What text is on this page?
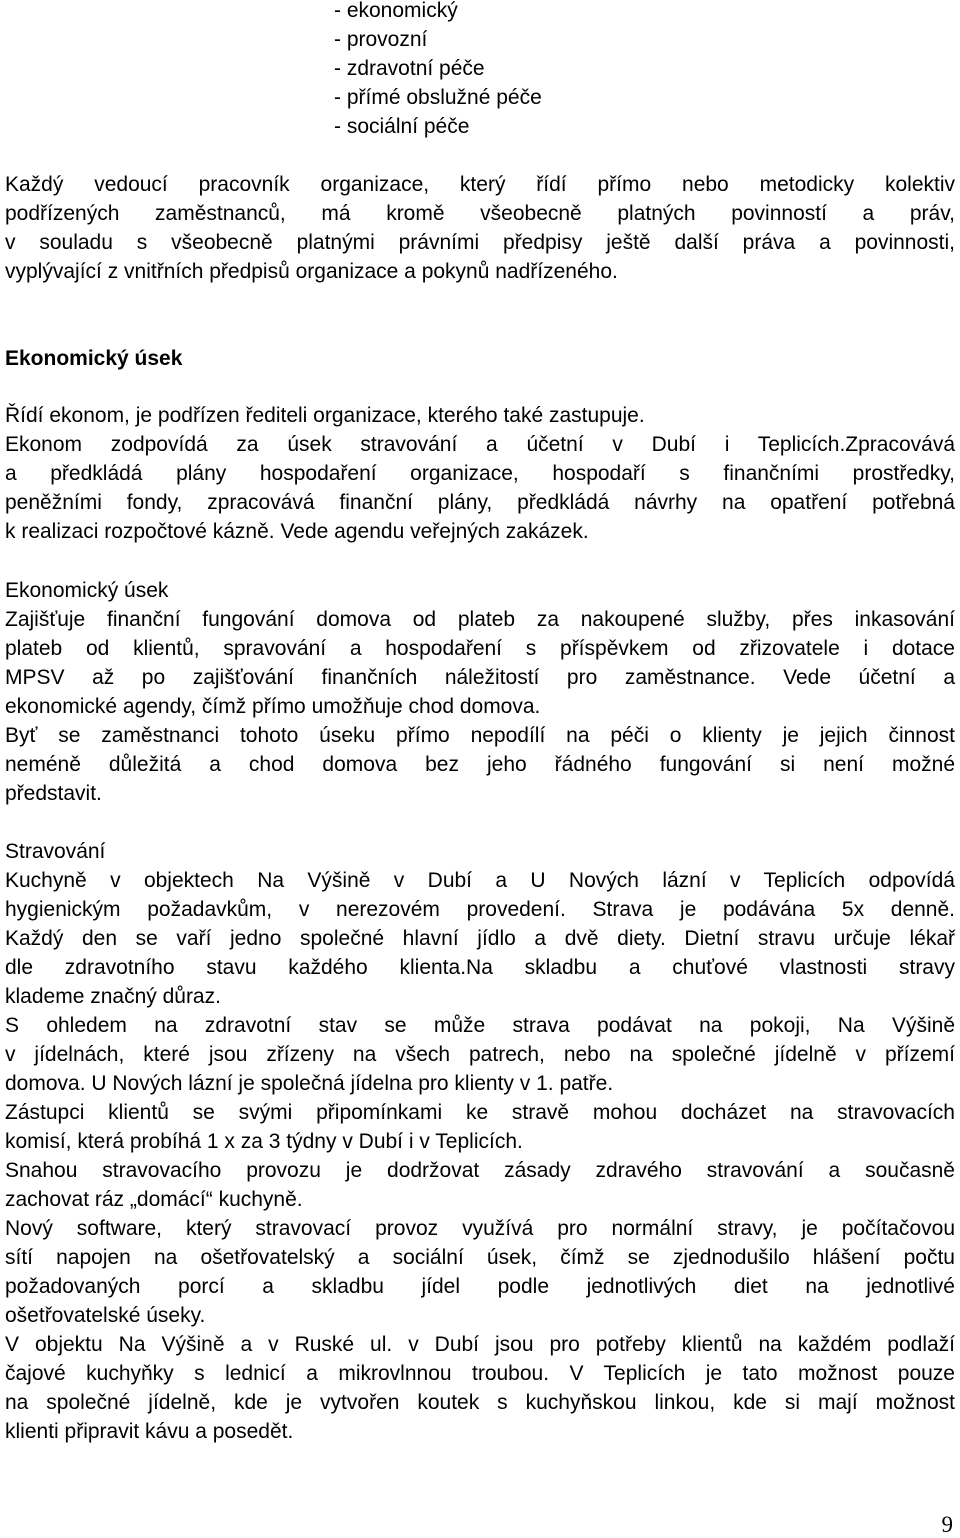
- ekonomický
- provozní
- zdravotní péče
- přímé obslužné péče
- sociální péče

Každý vedoucí pracovník organizace, který řídí přímo nebo metodicky kolektiv

podřízených zaměstnanců, má kromě všeobecně platných povinností a práv,

v souladu s všeobecně platnými právními předpisy ještě další práva a povinnosti,

vyplývající z vnitřních předpisů organizace a pokynů nadřízeného.

Ekonomický úsek

Řídí ekonom, je podřízen řediteli organizace, kterého také zastupuje.

Ekonom zodpovídá za úsek stravování a účetní v Dubí i Teplicích.Zpracovává

a předkládá plány hospodaření organizace, hospodaří s finančními prostředky,

peněžními fondy, zpracovává finanční plány, předkládá návrhy na opatření potřebná

k realizaci rozpočtové kázně. Vede agendu veřejných zakázek.

Ekonomický úsek

Zajišťuje finanční fungování domova od plateb za nakoupené služby, přes inkasování

plateb od klientů, spravování a hospodaření s příspěvkem od zřizovatele i dotace

MPSV až po zajišťování finančních náležitostí pro zaměstnance. Vede účetní a

ekonomické agendy, čímž přímo umožňuje chod domova.

Byť se zaměstnanci tohoto úseku přímo nepodílí na péči o klienty je jejich činnost

neméně důležitá a chod domova bez jeho řádného fungování si není možné

představit.

Stravování

Kuchyně v objektech Na Výšině v Dubí a U Nových lázní v Teplicích odpovídá

hygienickým požadavkům, v nerezovém provedení. Strava je podávána 5x denně.

Každý den se vaří jedno společné hlavní jídlo a dvě diety. Dietní stravu určuje lékař

dle zdravotního stavu každého klienta.Na skladbu a chuťové vlastnosti stravy

klademe značný důraz.

S ohledem na zdravotní stav se může strava podávat na pokoji, Na Výšině

v jídelnách, které jsou zřízeny na všech patrech, nebo na společné jídelně v přízemí

domova. U Nových lázní je společná jídelna pro klienty v 1. patře.

Zástupci klientů se svými připomínkami ke stravě mohou docházet na stravovacích

komisí, která probíhá 1 x za 3 týdny v Dubí i v Teplicích.

Snahou stravovacího provozu je dodržovat zásady zdravého stravování a současně

zachovat ráz „domácí“ kuchyně.

Nový software, který stravovací provoz využívá pro normální stravy, je počítačovou

sítí napojen na ošetřovatelský a sociální úsek, čímž se zjednodušilo hlášení počtu

požadovaných porcí a skladbu jídel podle jednotlivých diet na jednotlivé

ošetřovatelské úseky.

V objektu Na Výšině a v Ruské ul. v Dubí jsou pro potřeby klientů na každém podlaží

čajové kuchyňky s lednicí a mikrovlnnou troubou. V Teplicích je tato možnost pouze

na společné jídelně, kde je vytvořen koutek s kuchyňskou linkou, kde si mají možnost

klienti připravit kávu a posedět.

9
